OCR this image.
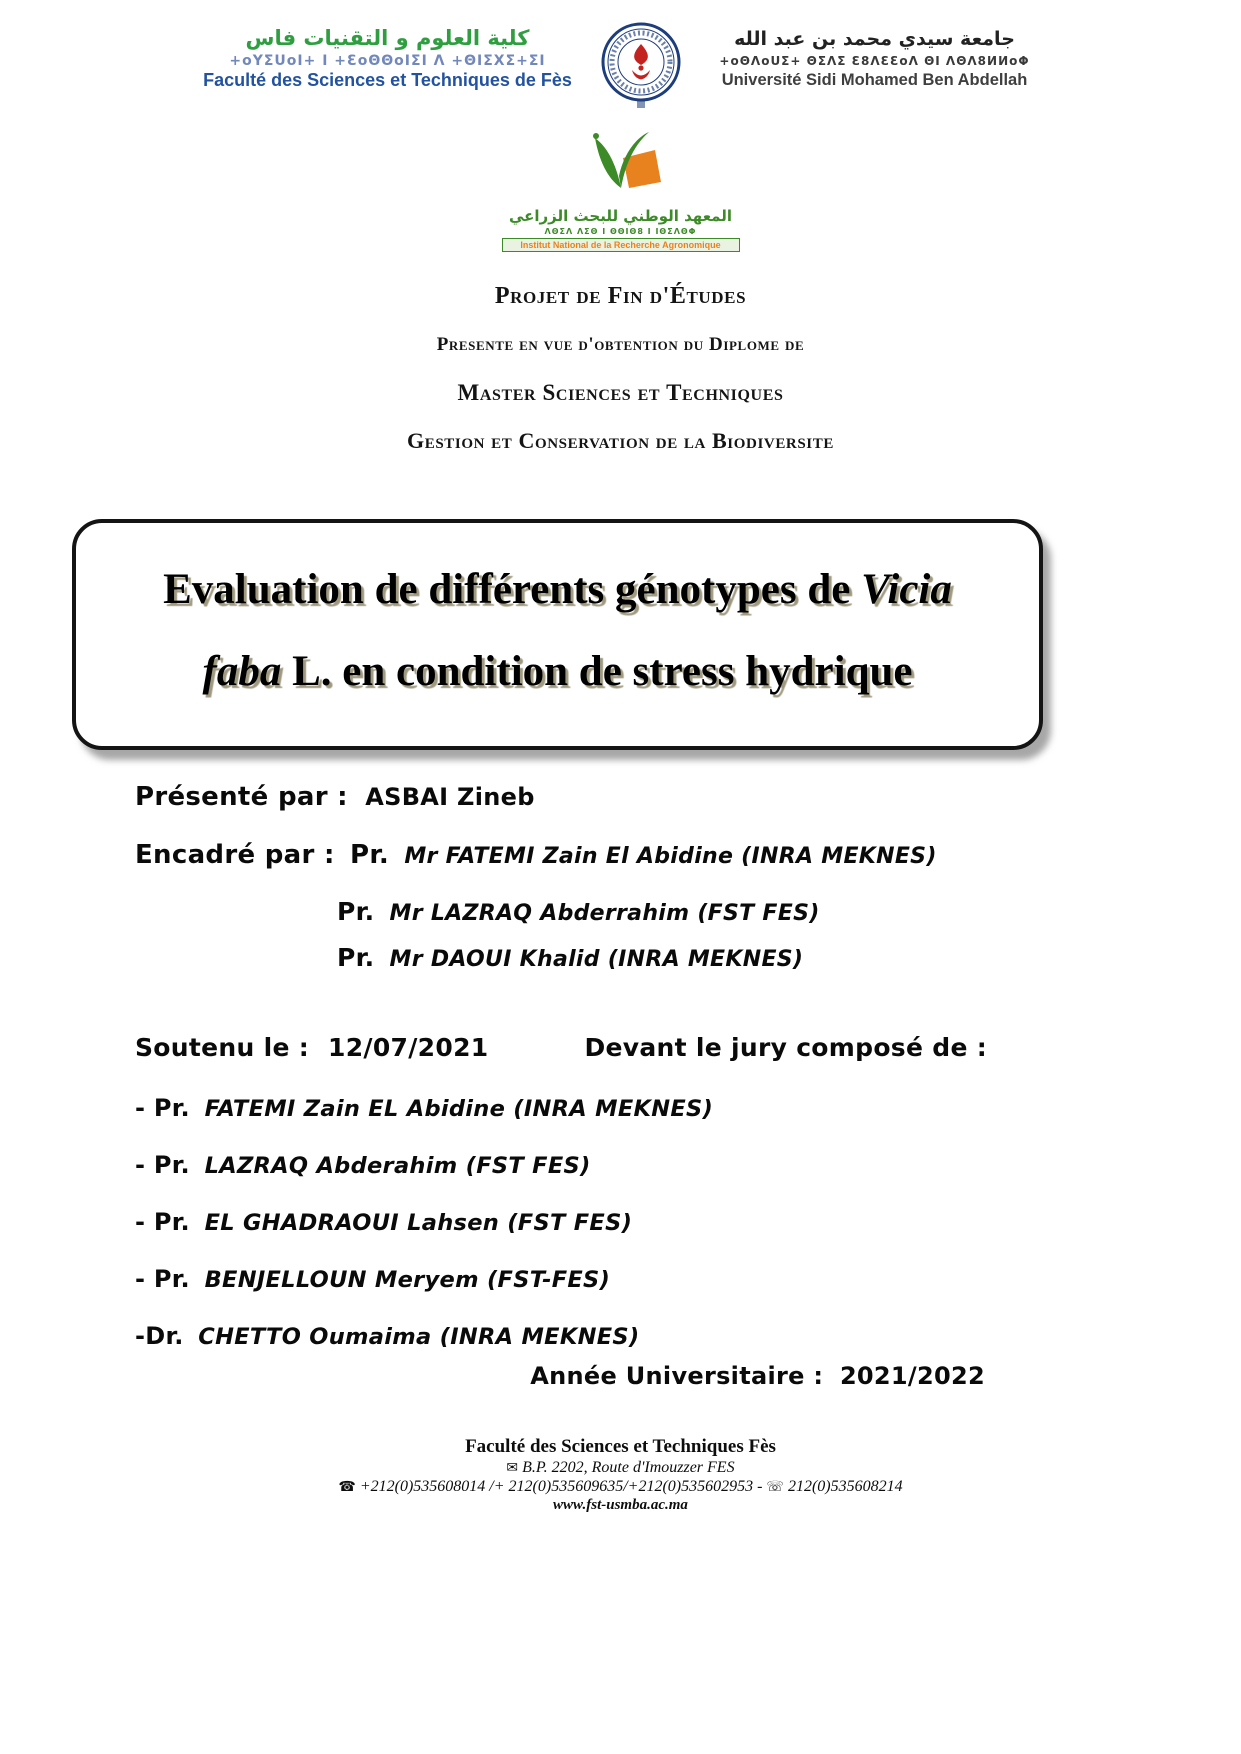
كلية العلوم و التقنيات فاس
+oYΣUoI+ I +ƐoΘΘoIΣI Λ +ΘIΣXΣ+ΣI
Faculté des Sciences et Techniques de Fès
جامعة سيدي محمد بن عبد الله
+oΘΛoUΣ+ ΘΣΛΣ Ɛ8ΛƐƐoΛ ΘI ΛΘΛ8ИИoΦ
Université Sidi Mohamed Ben Abdellah
المعهد الوطني للبحث الزراعي
ΛΘΣΛ ΛΣΘ I ΘΘΙΘ8 I ΙΘΣΛΘΦ
Institut National de la Recherche Agronomique
Projet de Fin d'Études
Presente en vue d'obtention du Diplome de
Master Sciences et Techniques
Gestion et Conservation de la Biodiversite
Evaluation de différents génotypes de Vicia
faba L. en condition de stress hydrique
Présenté par : ASBAI Zineb
Encadré par : Pr. Mr FATEMI Zain El Abidine (INRA MEKNES)
Pr. Mr LAZRAQ Abderrahim (FST FES)
Pr. Mr DAOUI Khalid (INRA MEKNES)
Soutenu le : 12/07/2021	Devant le jury composé de :
- Pr. FATEMI Zain EL Abidine (INRA MEKNES)
- Pr. LAZRAQ Abderahim (FST FES)
- Pr. EL GHADRAOUI Lahsen (FST FES)
- Pr. BENJELLOUN Meryem (FST-FES)
-Dr. CHETTO Oumaima (INRA MEKNES)
Année Universitaire : 2021/2022
Faculté des Sciences et Techniques Fès
✉ B.P. 2202, Route d'Imouzzer FES
☎ +212(0)535608014 /+ 212(0)535609635/+212(0)535602953 - ☏ 212(0)535608214
www.fst-usmba.ac.ma
